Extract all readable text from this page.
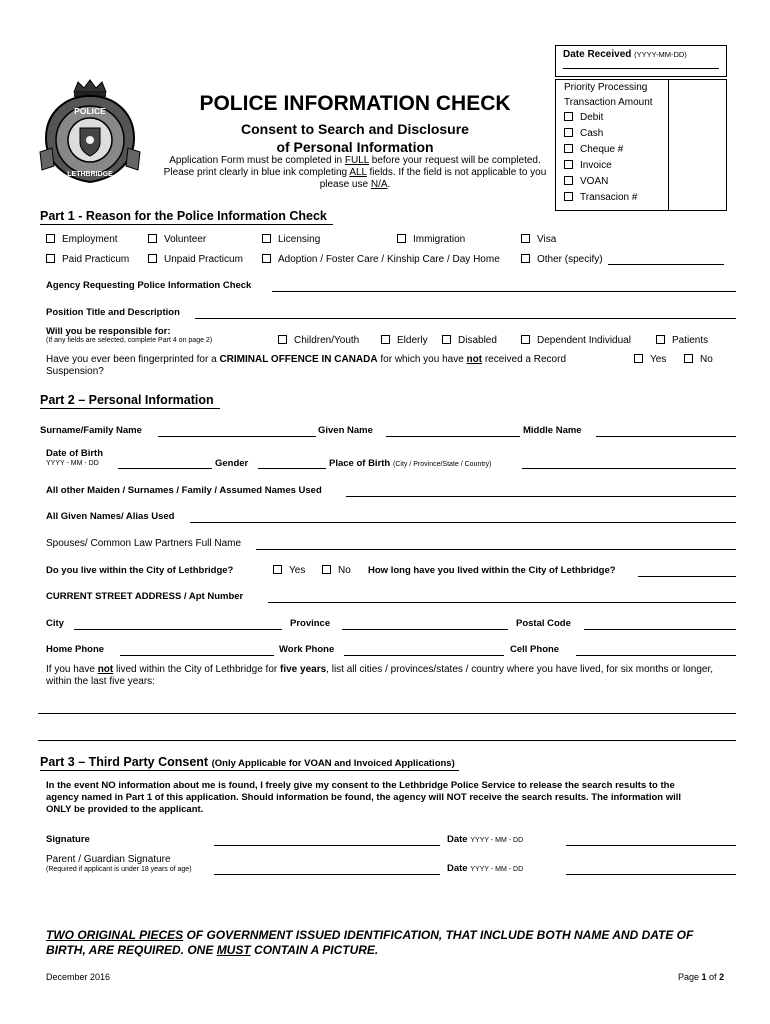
Date Received (YYYY-MM-DD)
Priority Processing
Transaction Amount
Debit
Cash
Cheque #
Invoice
VOAN
Transacion #
POLICE
LETHBRIDGE
POLICE INFORMATION CHECK
Consent to Search and Disclosure
of Personal Information
Application Form must be completed in FULL before your request will be completed.
Please print clearly in blue ink completing ALL fields. If the field is not applicable to you
please use N/A.
Part 1 - Reason for the Police Information Check
Employment	Volunteer	Licensing	Immigration	Visa
Paid Practicum	Unpaid Practicum	Adoption / Foster Care / Kinship Care / Day Home	Other (specify)
Agency Requesting Police Information Check
Position Title and Description
Will you be responsible for:
(If any fields are selected, complete Part 4 on page 2)	Children/Youth	Elderly	Disabled	Dependent Individual	Patients
Have you ever been fingerprinted for a CRIMINAL OFFENCE IN CANADA for which you have not received a Record
Suspension?
Yes	No
Part 2 – Personal Information
Surname/Family Name	Given Name	Middle Name
Date of Birth
YYYY - MM - DD	Gender	Place of Birth (City / Province/State / Country)
All other Maiden / Surnames / Family / Assumed Names Used
All Given Names/ Alias Used
Spouses/ Common Law Partners Full Name
Do you live within the City of Lethbridge?	Yes	No How long have you lived within the City of Lethbridge?
CURRENT STREET ADDRESS / Apt Number
City	Province	Postal Code
Home Phone	Work Phone	Cell Phone
If you have not lived within the City of Lethbridge for five years, list all cities / provinces/states / country where you have lived, for six months or longer,
within the last five years:
Part 3 – Third Party Consent (Only Applicable for VOAN and Invoiced Applications)
In the event NO information about me is found, I freely give my consent to the Lethbridge Police Service to release the search results to the
agency named in Part 1 of this application. Should information be found, the agency will NOT receive the search results. The information will
ONLY be provided to the applicant.
Signature	Date YYYY - MM - DD
Parent / Guardian Signature
(Required if applicant is under 18 years of age)	Date YYYY - MM - DD
TWO ORIGINAL PIECES OF GOVERNMENT ISSUED IDENTIFICATION, THAT INCLUDE BOTH NAME AND DATE OF
BIRTH, ARE REQUIRED. ONE MUST CONTAIN A PICTURE.
December 2016	Page 1 of 2
